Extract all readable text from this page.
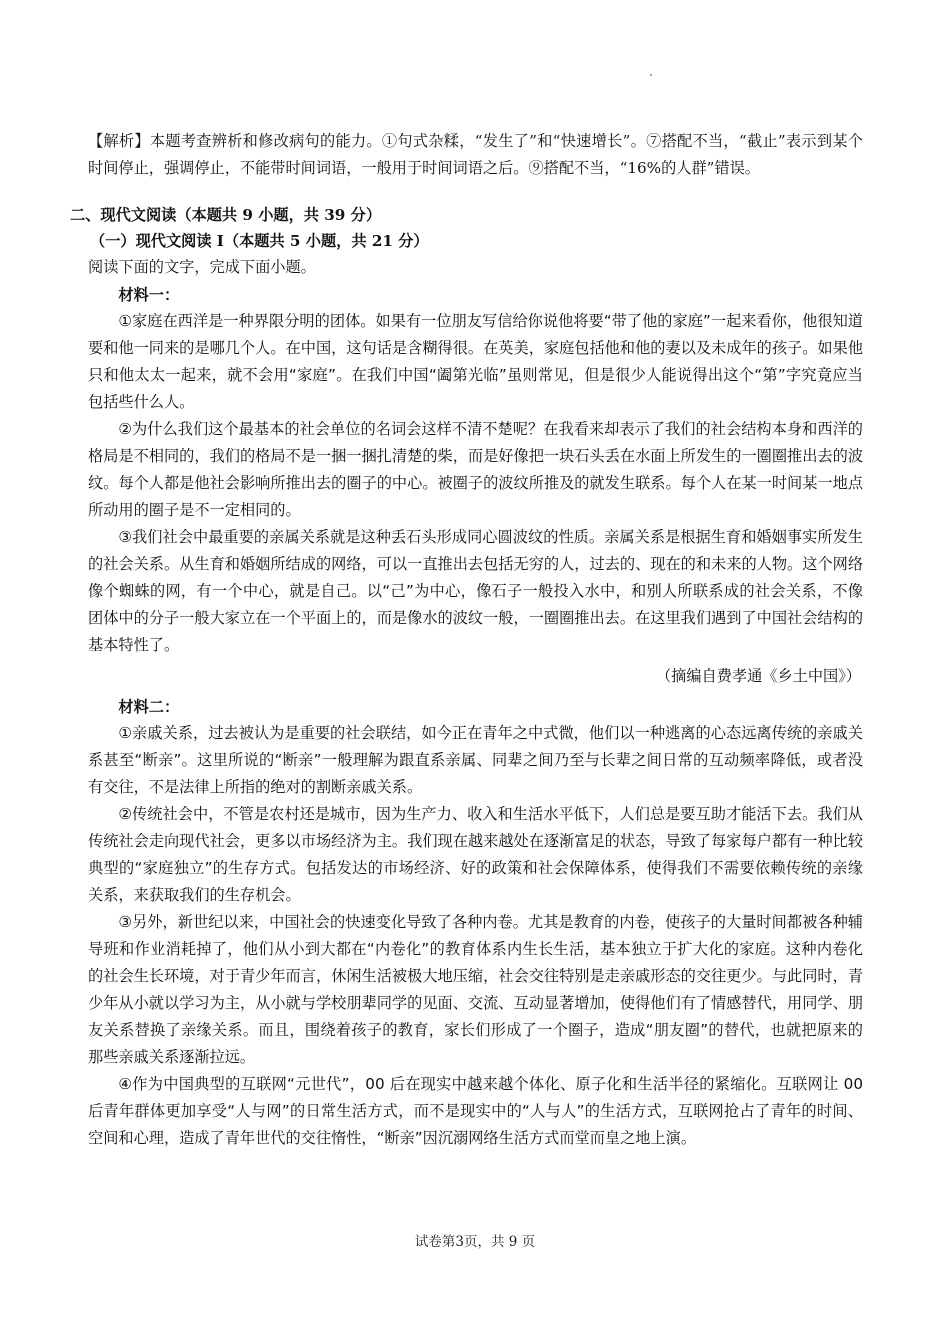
【解析】本题考查辨析和修改病句的能力。①句式杂糅，“发生了”和“快速增长”。⑦搭配不当，“截止”表示到某个时间停止，强调停止，不能带时间词语，一般用于时间词语之后。⑨搭配不当，“16%的人群”错误。

二、现代文阅读（本题共 9 小题，共 39 分）

（一）现代文阅读 I（本题共 5 小题，共 21 分）

阅读下面的文字，完成下面小题。

材料一：

①家庭在西洋是一种界限分明的团体。如果有一位朋友写信给你说他将要“带了他的家庭”一起来看你，他很知道要和他一同来的是哪几个人。在中国，这句话是含糊得很。在英美，家庭包括他和他的妻以及未成年的孩子。如果他只和他太太一起来，就不会用“家庭”。在我们中国“阖第光临”虽则常见，但是很少人能说得出这个“第”字究竟应当包括些什么人。

②为什么我们这个最基本的社会单位的名词会这样不清不楚呢？在我看来却表示了我们的社会结构本身和西洋的格局是不相同的，我们的格局不是一捆一捆扎清楚的柴，而是好像把一块石头丢在水面上所发生的一圈圈推出去的波纹。每个人都是他社会影响所推出去的圈子的中心。被圈子的波纹所推及的就发生联系。每个人在某一时间某一地点所动用的圈子是不一定相同的。

③我们社会中最重要的亲属关系就是这种丢石头形成同心圆波纹的性质。亲属关系是根据生育和婚姻事实所发生的社会关系。从生育和婚姻所结成的网络，可以一直推出去包括无穷的人，过去的、现在的和未来的人物。这个网络像个蜘蛛的网，有一个中心，就是自己。以“己”为中心，像石子一般投入水中，和别人所联系成的社会关系，不像团体中的分子一般大家立在一个平面上的，而是像水的波纹一般，一圈圈推出去。在这里我们遇到了中国社会结构的基本特性了。

（摘编自费孝通《乡土中国》）

材料二：

①亲戚关系，过去被认为是重要的社会联结，如今正在青年之中式微，他们以一种逃离的心态远离传统的亲戚关系甚至“断亲”。这里所说的“断亲”一般理解为跟直系亲属、同辈之间乃至与长辈之间日常的互动频率降低，或者没有交往，不是法律上所指的绝对的割断亲戚关系。

②传统社会中，不管是农村还是城市，因为生产力、收入和生活水平低下，人们总是要互助才能活下去。我们从传统社会走向现代社会，更多以市场经济为主。我们现在越来越处在逐渐富足的状态，导致了每家每户都有一种比较典型的“家庭独立”的生存方式。包括发达的市场经济、好的政策和社会保障体系，使得我们不需要依赖传统的亲缘关系，来获取我们的生存机会。

③另外，新世纪以来，中国社会的快速变化导致了各种内卷。尤其是教育的内卷，使孩子的大量时间都被各种辅导班和作业消耗掉了，他们从小到大都在“内卷化”的教育体系内生长生活，基本独立于扩大化的家庭。这种内卷化的社会生长环境，对于青少年而言，休闲生活被极大地压缩，社会交往特别是走亲戚形态的交往更少。与此同时，青少年从小就以学习为主，从小就与学校朋辈同学的见面、交流、互动显著增加，使得他们有了情感替代，用同学、朋友关系替换了亲缘关系。而且，围绕着孩子的教育，家长们形成了一个圈子，造成“朋友圈”的替代，也就把原来的那些亲戚关系逐渐拉远。

④作为中国典型的互联网“元世代”，00 后在现实中越来越个体化、原子化和生活半径的紧缩化。互联网让 00 后青年群体更加享受“人与网”的日常生活方式，而不是现实中的“人与人”的生活方式，互联网抢占了青年的时间、空间和心理，造成了青年世代的交往惰性，“断亲”因沉溺网络生活方式而堂而皇之地上演。

试卷第3页，共 9 页
